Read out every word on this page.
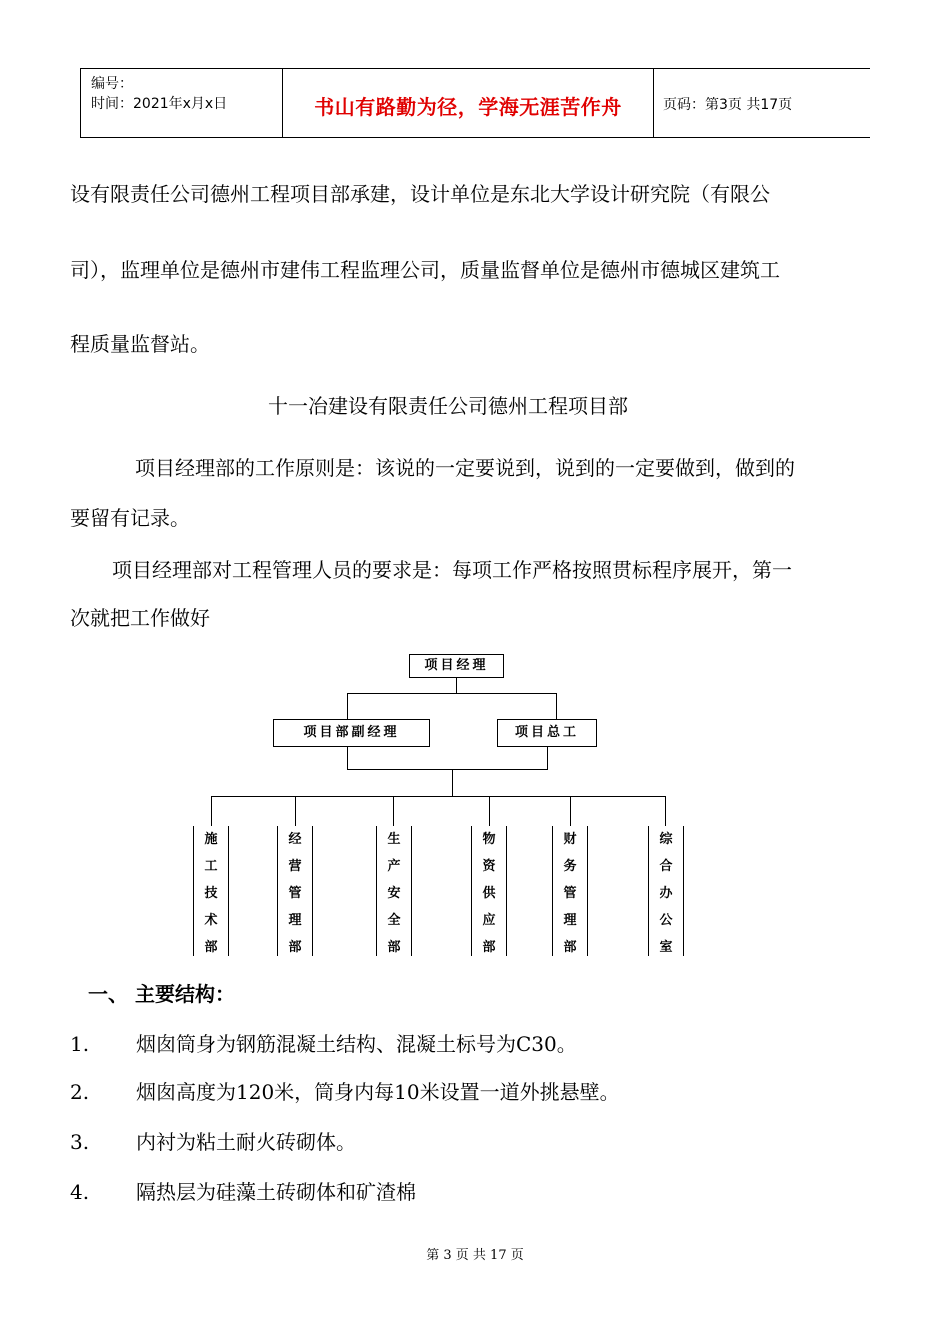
编号：
时间：2021年x月x日	书山有路勤为径，学海无涯苦作舟	页码：第3页 共17页
设有限责任公司德州工程项目部承建，设计单位是东北大学设计研究院（有限公
司），监理单位是德州市建伟工程监理公司，质量监督单位是德州市德城区建筑工
程质量监督站。
十一冶建设有限责任公司德州工程项目部
项目经理部的工作原则是：该说的一定要说到，说到的一定要做到，做到的
要留有记录。
项目经理部对工程管理人员的要求是：每项工作严格按照贯标程序展开，第一
次就把工作做好
项目经理
项目部副经理	项目总工
施
工
技
术
部
经
营
管
理
部
生
产
安
全
部
物
资
供
应
部
财
务
管
理
部
综
合
办
公
室
一、 主要结构：
1. 烟囱筒身为钢筋混凝土结构、混凝土标号为C30。
2. 烟囱高度为120米，筒身内每10米设置一道外挑悬壁。
3. 内衬为粘土耐火砖砌体。
4. 隔热层为硅藻土砖砌体和矿渣棉
第 3 页 共 17 页
